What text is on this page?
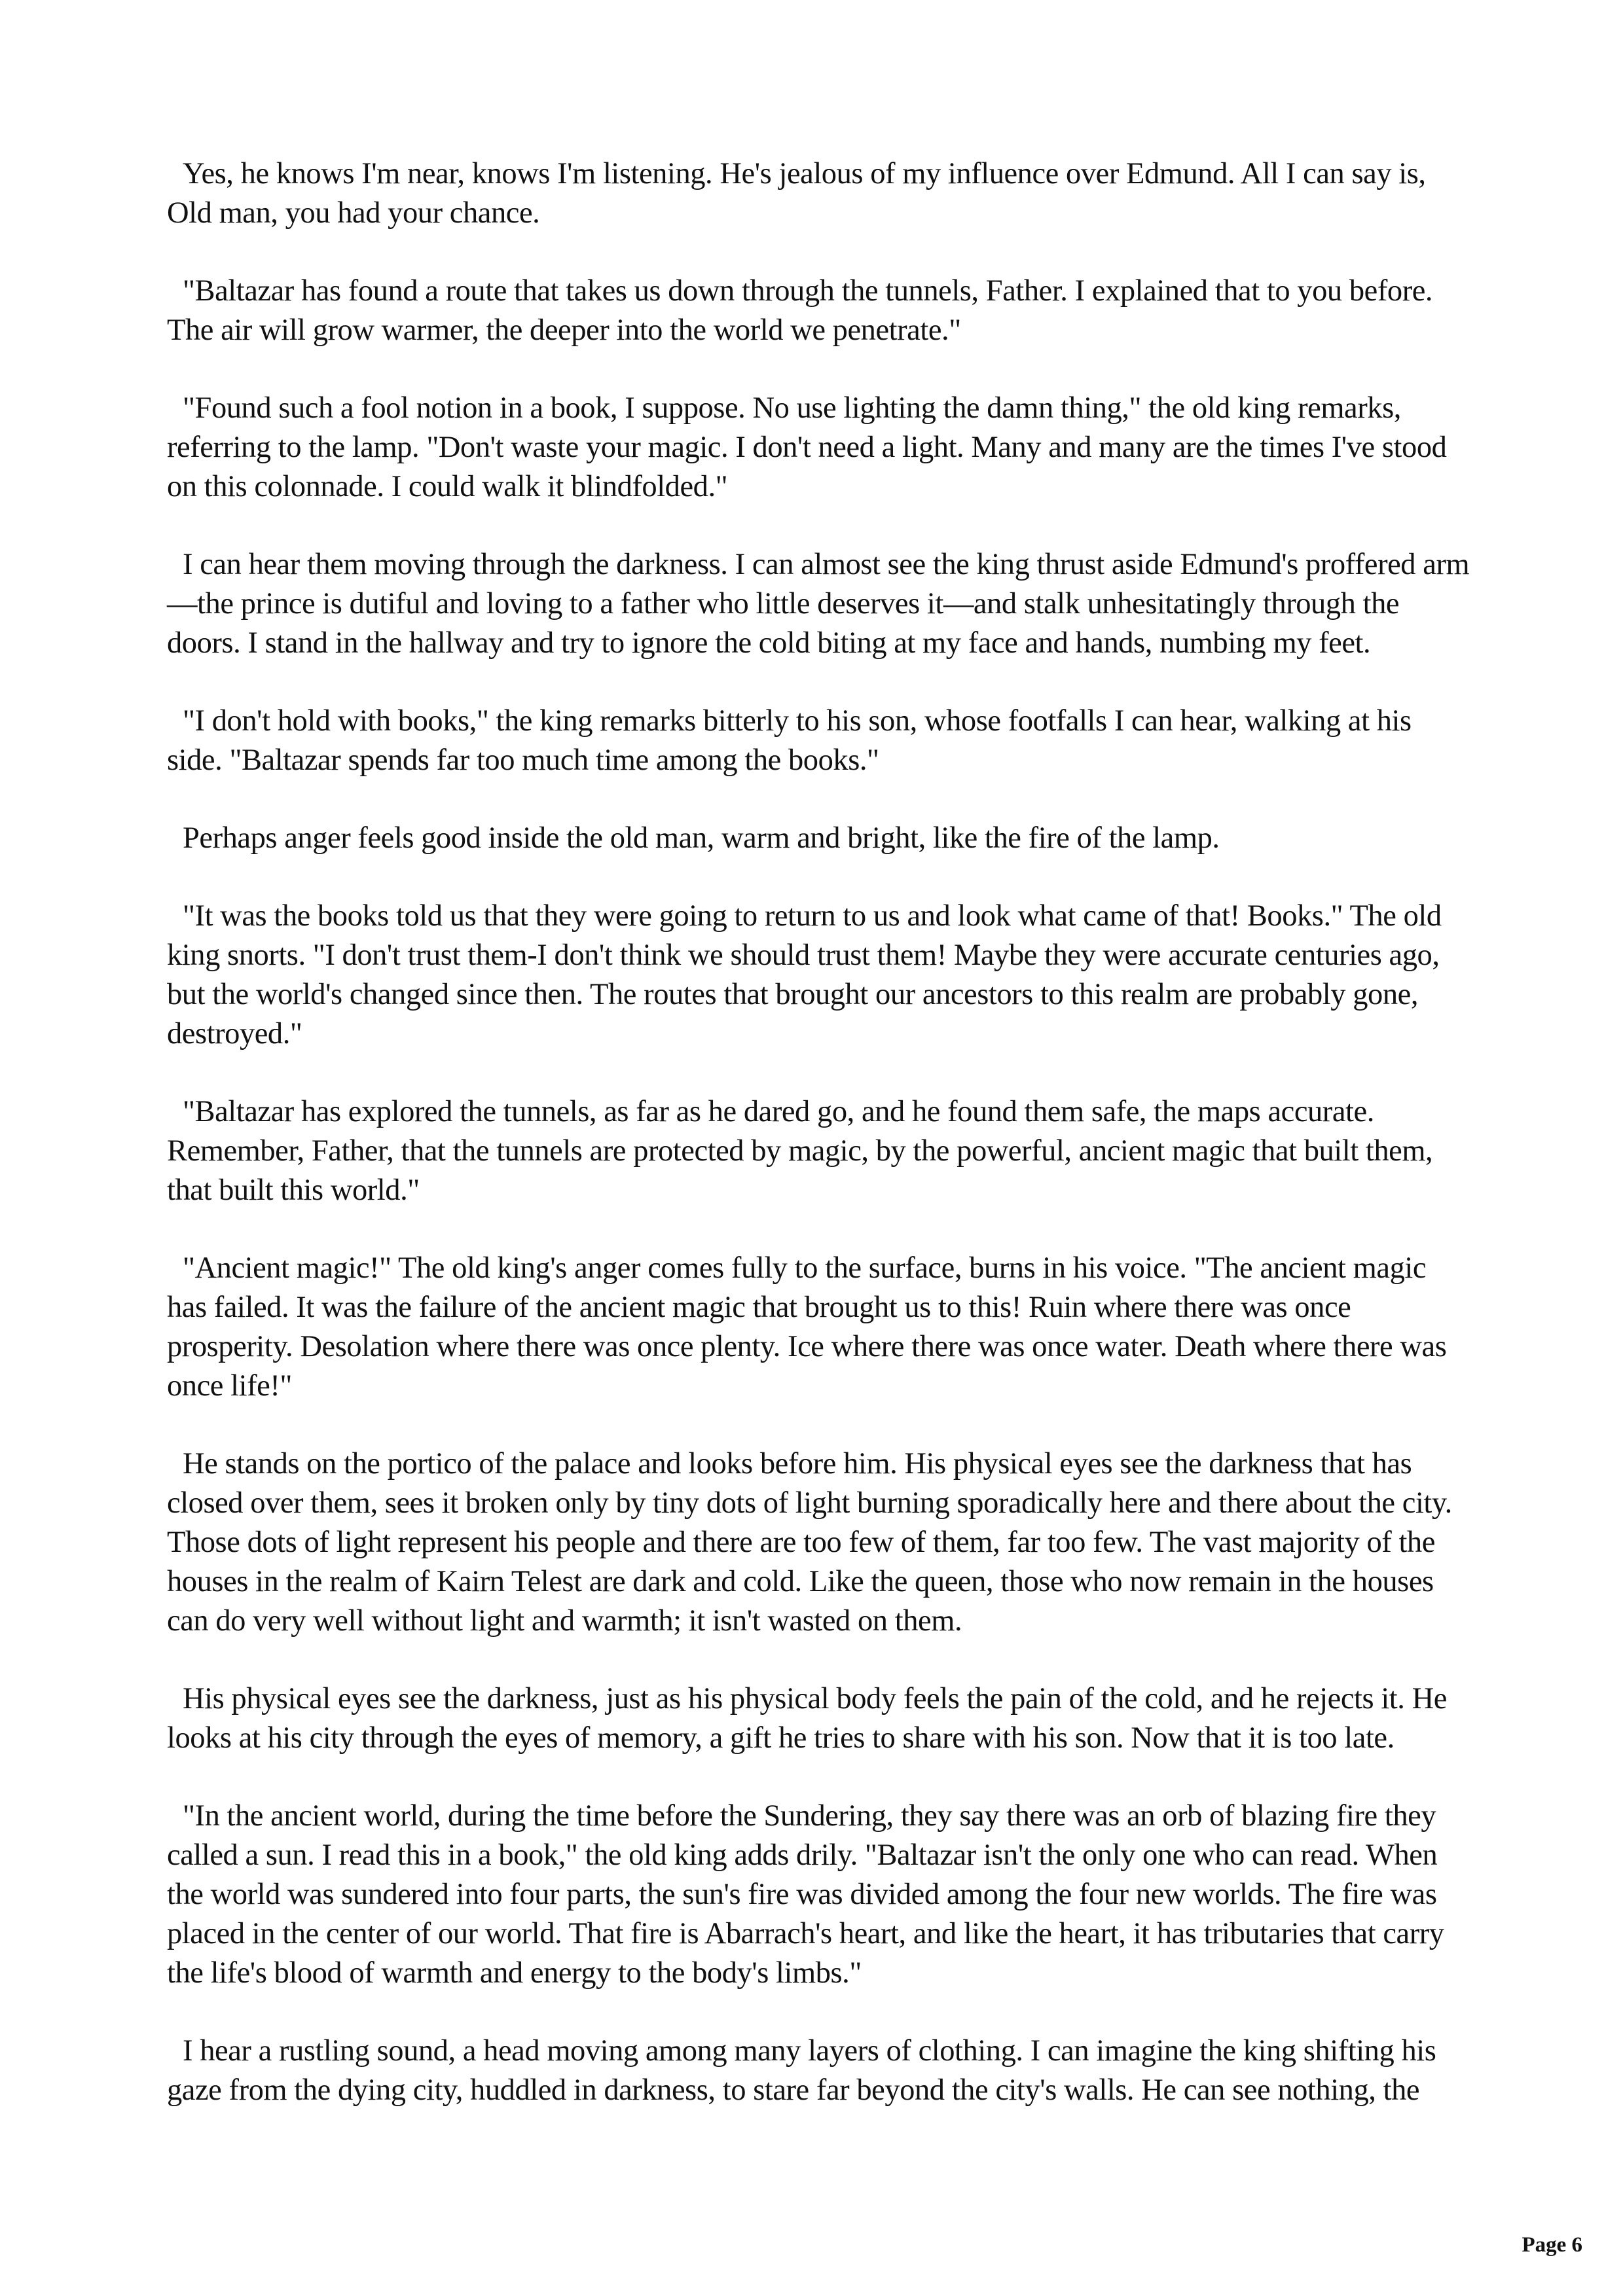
Yes, he knows I'm near, knows I'm listening. He's jealous of my influence over Edmund. All I can say is, Old man, you had your chance.

"Baltazar has found a route that takes us down through the tunnels, Father. I explained that to you before. The air will grow warmer, the deeper into the world we penetrate."

"Found such a fool notion in a book, I suppose. No use lighting the damn thing," the old king remarks, referring to the lamp. "Don't waste your magic. I don't need a light. Many and many are the times I've stood on this colonnade. I could walk it blindfolded."

I can hear them moving through the darkness. I can almost see the king thrust aside Edmund's proffered arm—the prince is dutiful and loving to a father who little deserves it—and stalk unhesitatingly through the doors. I stand in the hallway and try to ignore the cold biting at my face and hands, numbing my feet.

"I don't hold with books," the king remarks bitterly to his son, whose footfalls I can hear, walking at his side. "Baltazar spends far too much time among the books."

Perhaps anger feels good inside the old man, warm and bright, like the fire of the lamp.

"It was the books told us that they were going to return to us and look what came of that! Books." The old king snorts. "I don't trust them-I don't think we should trust them! Maybe they were accurate centuries ago, but the world's changed since then. The routes that brought our ancestors to this realm are probably gone, destroyed."

"Baltazar has explored the tunnels, as far as he dared go, and he found them safe, the maps accurate. Remember, Father, that the tunnels are protected by magic, by the powerful, ancient magic that built them, that built this world."

"Ancient magic!" The old king's anger comes fully to the surface, burns in his voice. "The ancient magic has failed. It was the failure of the ancient magic that brought us to this! Ruin where there was once prosperity. Desolation where there was once plenty. Ice where there was once water. Death where there was once life!"

He stands on the portico of the palace and looks before him. His physical eyes see the darkness that has closed over them, sees it broken only by tiny dots of light burning sporadically here and there about the city. Those dots of light represent his people and there are too few of them, far too few. The vast majority of the houses in the realm of Kairn Telest are dark and cold. Like the queen, those who now remain in the houses can do very well without light and warmth; it isn't wasted on them.

His physical eyes see the darkness, just as his physical body feels the pain of the cold, and he rejects it. He looks at his city through the eyes of memory, a gift he tries to share with his son. Now that it is too late.

"In the ancient world, during the time before the Sundering, they say there was an orb of blazing fire they called a sun. I read this in a book," the old king adds drily. "Baltazar isn't the only one who can read. When the world was sundered into four parts, the sun's fire was divided among the four new worlds. The fire was placed in the center of our world. That fire is Abarrach's heart, and like the heart, it has tributaries that carry the life's blood of warmth and energy to the body's limbs."

I hear a rustling sound, a head moving among many layers of clothing. I can imagine the king shifting his gaze from the dying city, huddled in darkness, to stare far beyond the city's walls. He can see nothing, the

Page 6
